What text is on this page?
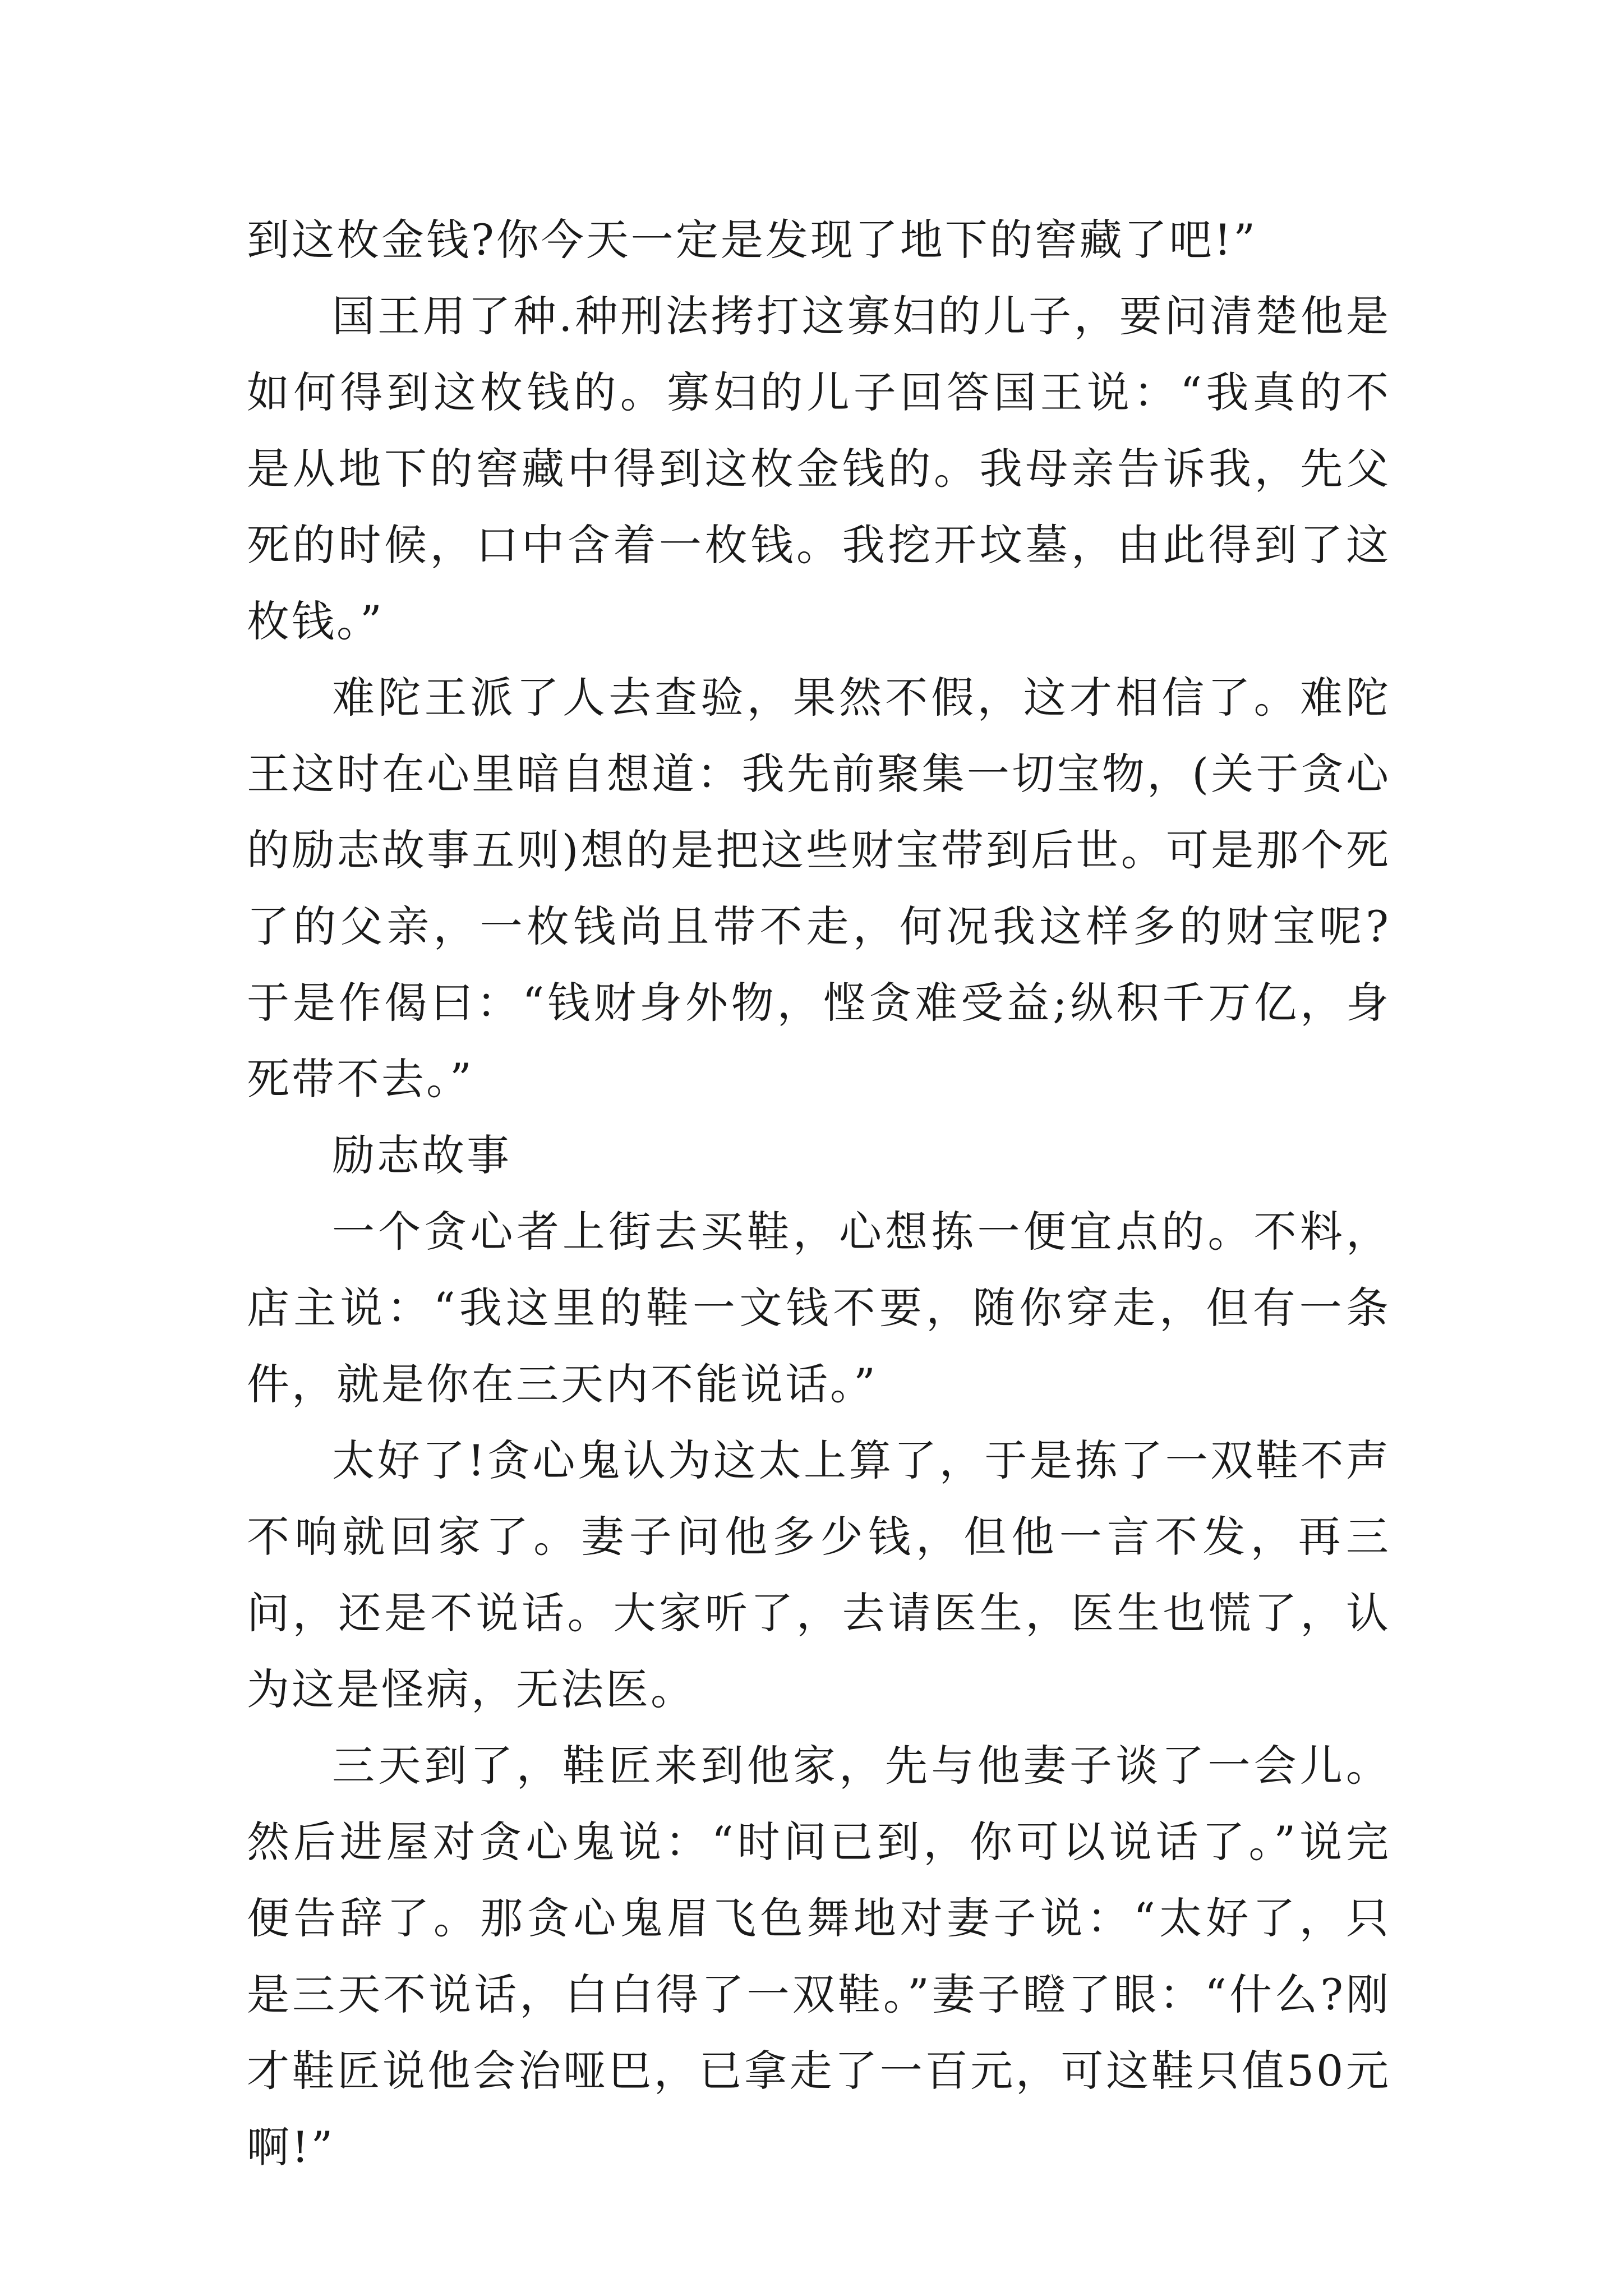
到这枚金钱?你今天一定是发现了地下的窖藏了吧!”

国王用了种.种刑法拷打这寡妇的儿子，要问清楚他是如何得到这枚钱的。寡妇的儿子回答国王说：“我真的不是从地下的窖藏中得到这枚金钱的。我母亲告诉我，先父死的时候，口中含着一枚钱。我挖开坟墓，由此得到了这枚钱。”

难陀王派了人去查验，果然不假，这才相信了。难陀王这时在心里暗自想道：我先前聚集一切宝物，(关于贪心的励志故事五则)想的是把这些财宝带到后世。可是那个死了的父亲，一枚钱尚且带不走，何况我这样多的财宝呢?于是作偈曰：“钱财身外物，悭贪难受益;纵积千万亿，身死带不去。”

励志故事

一个贪心者上街去买鞋，心想拣一便宜点的。不料，店主说：“我这里的鞋一文钱不要，随你穿走，但有一条件，就是你在三天内不能说话。”

太好了!贪心鬼认为这太上算了，于是拣了一双鞋不声不响就回家了。妻子问他多少钱，但他一言不发，再三问，还是不说话。大家听了，去请医生，医生也慌了，认为这是怪病，无法医。

三天到了，鞋匠来到他家，先与他妻子谈了一会儿。然后进屋对贪心鬼说：“时间已到，你可以说话了。”说完便告辞了。那贪心鬼眉飞色舞地对妻子说：“太好了，只是三天不说话，白白得了一双鞋。”妻子瞪了眼：“什么?刚才鞋匠说他会治哑巴，已拿走了一百元，可这鞋只值50元啊!”
